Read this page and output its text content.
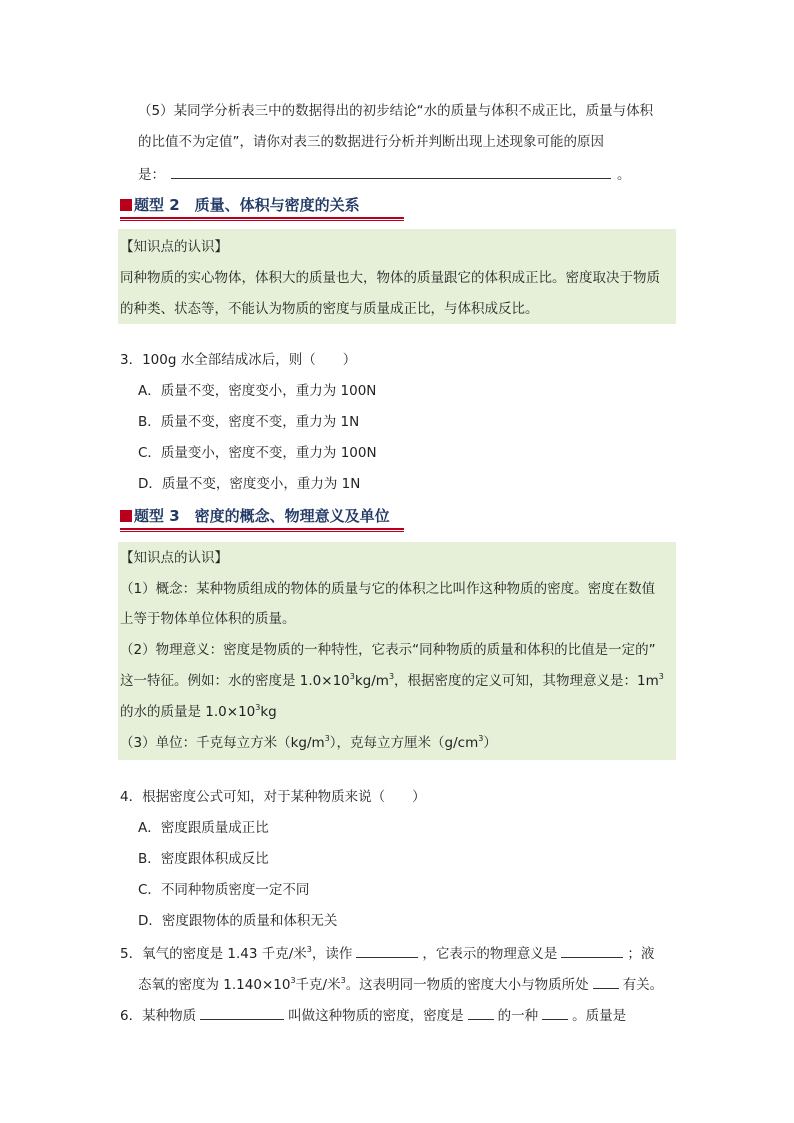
（5）某同学分析表三中的数据得出的初步结论“水的质量与体积不成正比，质量与体积
的比值不为定值”，请你对表三的数据进行分析并判断出现上述现象可能的原因
是：	。
题型 2　质量、体积与密度的关系
【知识点的认识】
同种物质的实心物体，体积大的质量也大，物体的质量跟它的体积成正比。密度取决于物质
的种类、状态等，不能认为物质的密度与质量成正比，与体积成反比。
3．100g 水全部结成冰后，则（　　）
A．质量不变，密度变小，重力为 100N
B．质量不变，密度不变，重力为 1N
C．质量变小，密度不变，重力为 100N
D．质量不变，密度变小，重力为 1N
题型 3　密度的概念、物理意义及单位
【知识点的认识】
（1）概念：某种物质组成的物体的质量与它的体积之比叫作这种物质的密度。密度在数值
上等于物体单位体积的质量。
（2）物理意义：密度是物质的一种特性，它表示“同种物质的质量和体积的比值是一定的”
这一特征。例如：水的密度是 $1.0\times 10^3kg/m^3$，根据密度的定义可知，其物理意义是：$1m^3$
的水的质量是 $1.0\times 10^3kg$
（3）单位：千克每立方米$(kg/m^3)$，克每立方厘米$(g/cm^3)$
4．根据密度公式可知，对于某种物质来说（　　）
A．密度跟质量成正比
B．密度跟体积成反比
C．不同种物质密度一定不同
D．密度跟物体的质量和体积无关
5．氧气的密度是 1.43 千克/米$^3$，读作	，它表示的物理意义是	；液
态氧的密度为 $1.140\times 10^3$千克/米$^3$。这表明同一物质的密度大小与物质所处	有关。
6．某种物质	叫做这种物质的密度，密度是	的一种	。质量是
